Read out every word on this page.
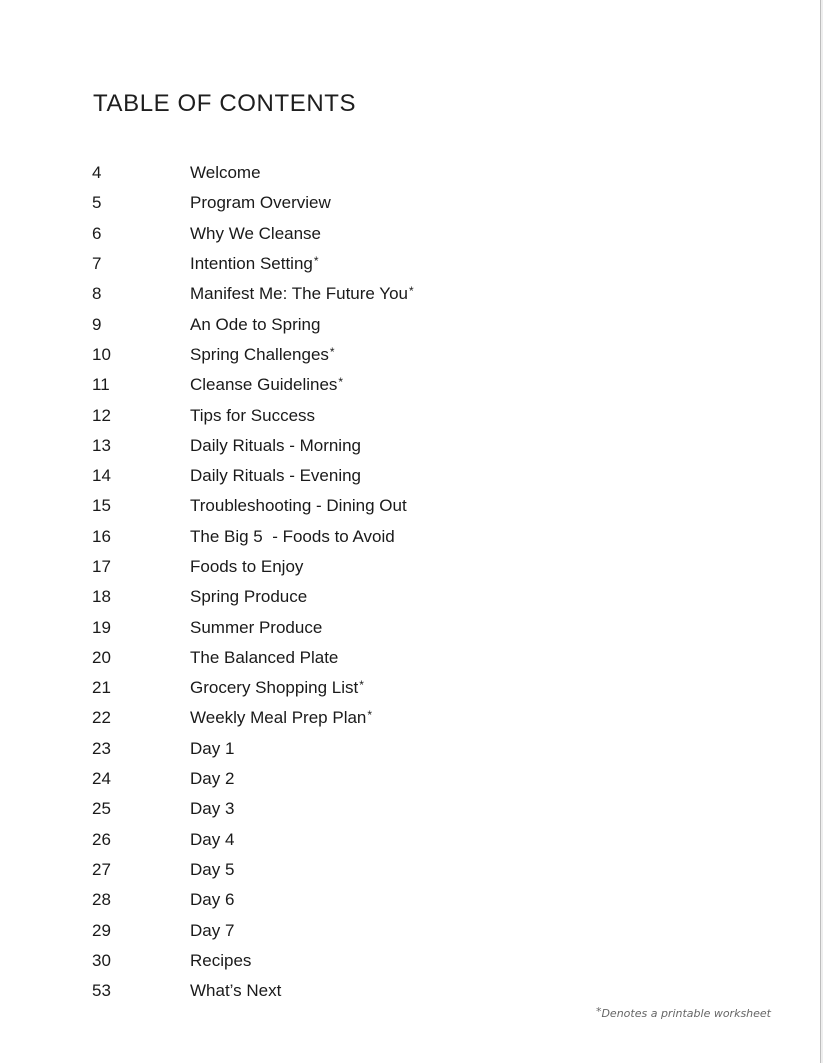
TABLE OF CONTENTS
4	Welcome
5	Program Overview
6	Why We Cleanse
7	Intention Setting *
8	Manifest Me: The Future You *
9	An Ode to Spring
10	Spring Challenges *
11	Cleanse Guidelines *
12	Tips for Success
13	Daily Rituals - Morning
14	Daily Rituals - Evening
15	Troubleshooting - Dining Out
16	The Big 5  - Foods to Avoid
17	Foods to Enjoy
18	Spring Produce
19	Summer Produce
20	The Balanced Plate
21	Grocery Shopping List *
22	Weekly Meal Prep Plan *
23	Day 1
24	Day 2
25	Day 3
26	Day 4
27	Day 5
28	Day 6
29	Day 7
30	Recipes
53	What’s Next
*Denotes a printable worksheet
